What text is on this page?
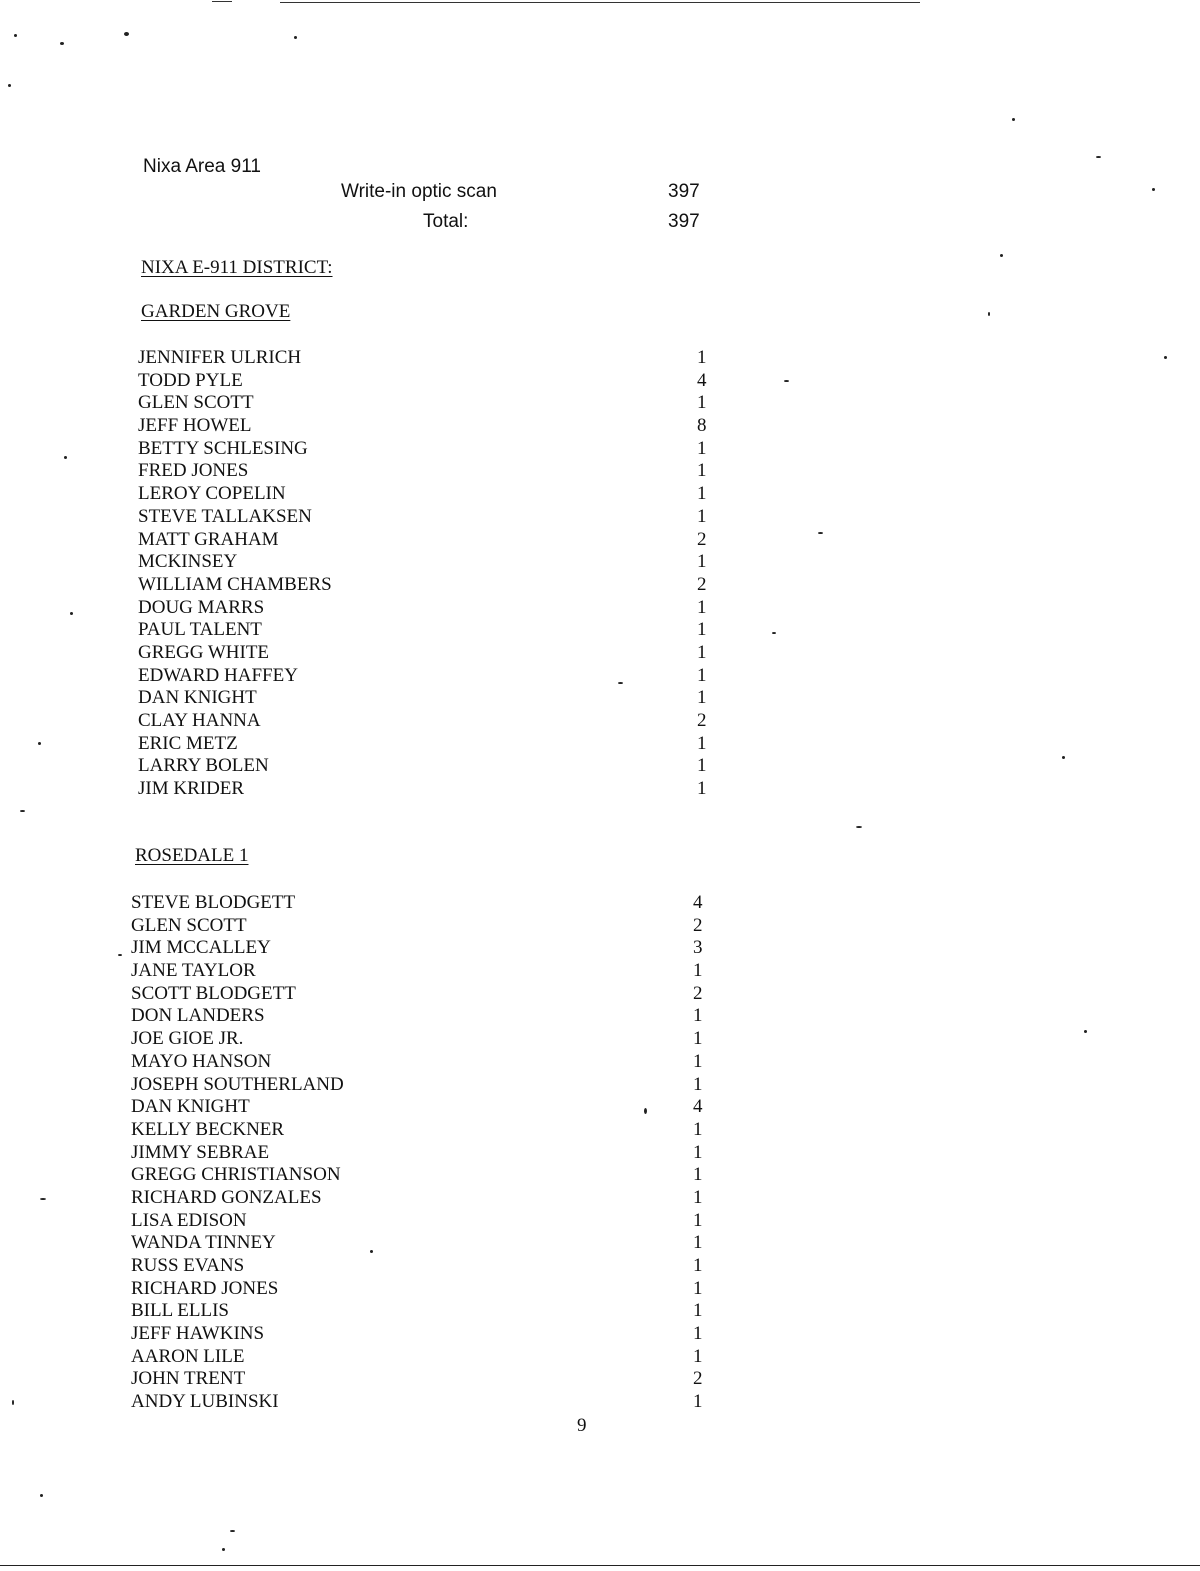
Nixa Area 911
Write-in optic scan	397
Total:	397
NIXA E-911 DISTRICT:
GARDEN GROVE
JENNIFER ULRICH	1
TODD PYLE	4
GLEN SCOTT	1
JEFF HOWEL	8
BETTY SCHLESING	1
FRED JONES	1
LEROY COPELIN	1
STEVE TALLAKSEN	1
MATT GRAHAM	2
MCKINSEY	1
WILLIAM CHAMBERS	2
DOUG MARRS	1
PAUL TALENT	1
GREGG WHITE	1
EDWARD HAFFEY	1
DAN KNIGHT	1
CLAY HANNA	2
ERIC METZ	1
LARRY BOLEN	1
JIM KRIDER	1
ROSEDALE 1
STEVE BLODGETT	4
GLEN SCOTT	2
JIM MCCALLEY	3
JANE TAYLOR	1
SCOTT BLODGETT	2
DON LANDERS	1
JOE GIOE JR.	1
MAYO HANSON	1
JOSEPH SOUTHERLAND	1
DAN KNIGHT	4
KELLY BECKNER	1
JIMMY SEBRAE	1
GREGG CHRISTIANSON	1
RICHARD GONZALES	1
LISA EDISON	1
WANDA TINNEY	1
RUSS EVANS	1
RICHARD JONES	1
BILL ELLIS	1
JEFF HAWKINS	1
AARON LILE	1
JOHN TRENT	2
ANDY LUBINSKI	1
9
